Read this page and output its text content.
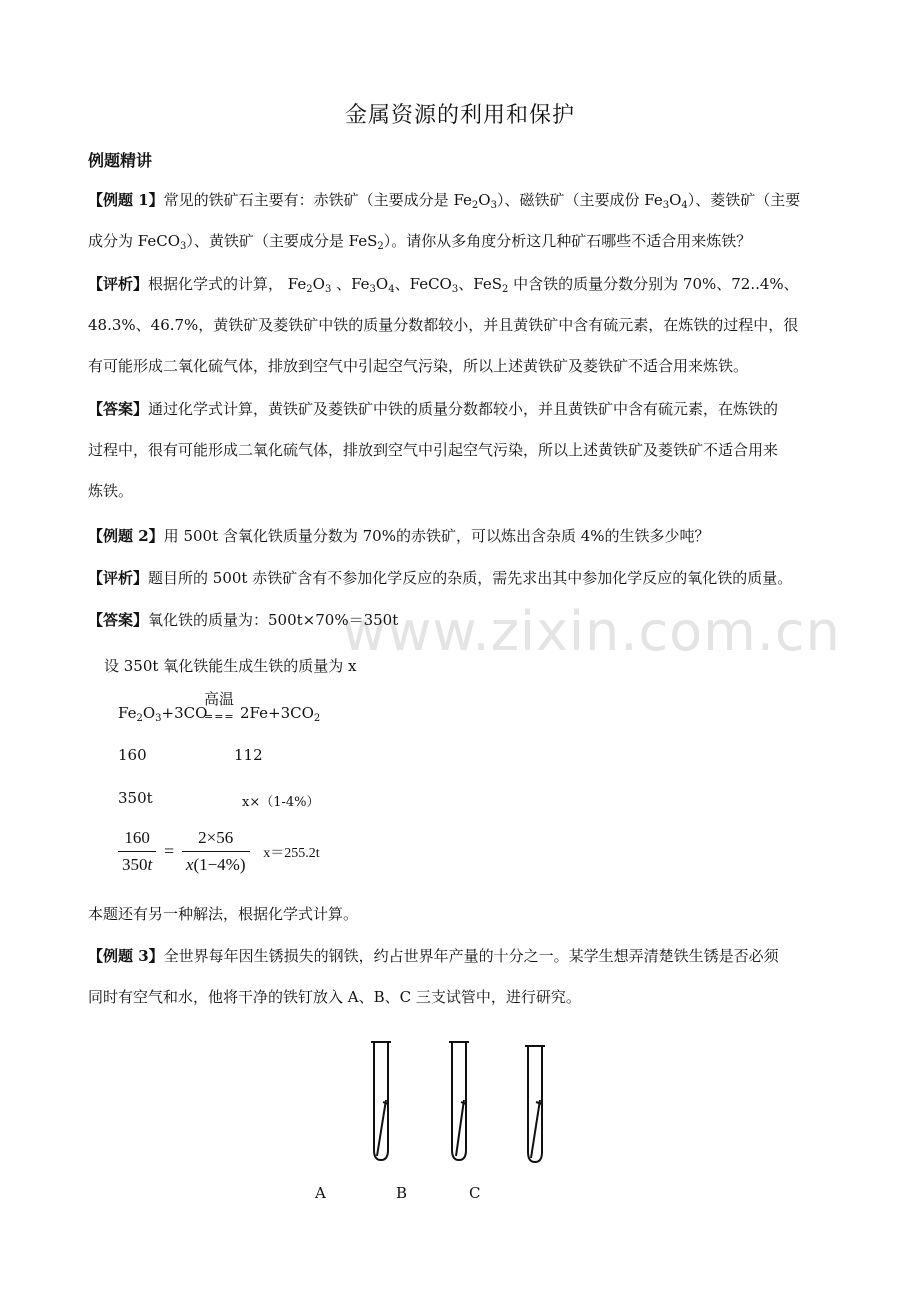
www.zixin.com.cn
金属资源的利用和保护
例题精讲
【例题 1】常见的铁矿石主要有：赤铁矿（主要成分是 $Fe_2O_3$）、磁铁矿（主要成份 $Fe_3O_4$）、菱铁矿（主要
成分为 FeCO$_3$）、黄铁矿（主要成分是 FeS$_2$）。请你从多角度分析这几种矿石哪些不适合用来炼铁？
【评析】根据化学式的计算， $Fe_2O_3$ 、$Fe_3O_4$、FeCO$_3$、FeS$_2$ 中含铁的质量分数分别为 70%、72..4%、
48.3%、46.7%，黄铁矿及菱铁矿中铁的质量分数都较小，并且黄铁矿中含有硫元素，在炼铁的过程中，很
有可能形成二氧化硫气体，排放到空气中引起空气污染，所以上述黄铁矿及菱铁矿不适合用来炼铁。
【答案】通过化学式计算，黄铁矿及菱铁矿中铁的质量分数都较小，并且黄铁矿中含有硫元素，在炼铁的
过程中，很有可能形成二氧化硫气体，排放到空气中引起空气污染，所以上述黄铁矿及菱铁矿不适合用来
炼铁。
【例题 2】用 500t 含氧化铁质量分数为 70%的赤铁矿，可以炼出含杂质 4%的生铁多少吨？
【评析】题目所的 500t 赤铁矿含有不参加化学反应的杂质，需先求出其中参加化学反应的氧化铁的质量。
【答案】氧化铁的质量为：500t×70%＝350t
设 350t 氧化铁能生成生铁的质量为 x
$Fe_2O_3+3CO$
高温
=== $2Fe+3CO_2$
160	112
350t	x×（1-4%）
$\frac{160}{350t} = \frac{2\times 56}{x(1-4\%)} x=255.2t$
本题还有另一种解法，根据化学式计算。
【例题 3】全世界每年因生锈损失的钢铁，约占世界年产量的十分之一。某学生想弄清楚铁生锈是否必须
同时有空气和水，他将干净的铁钉放入 A、B、C 三支试管中，进行研究。
A	B	C
